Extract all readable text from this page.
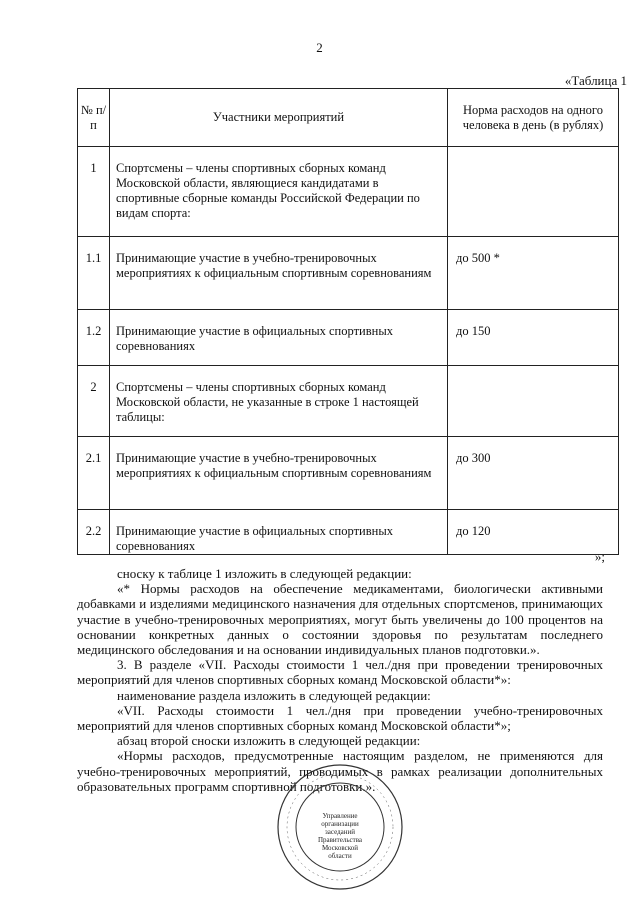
2
«Таблица 1
№ п/п	Участники мероприятий	Норма расходов на одного человека в день (в рублях)
1	Спортсмены – члены спортивных сборных команд Московской области, являющиеся кандидатами в спортивные сборные команды Российской Федерации по видам спорта:	
1.1	Принимающие участие в учебно-тренировочных мероприятиях к официальным спортивным соревнованиям	до 500 *
1.2	Принимающие участие в официальных спортивных соревнованиях	до 150
2	Спортсмены – члены спортивных сборных команд Московской области, не указанные в строке 1 настоящей таблицы:	
2.1	Принимающие участие в учебно-тренировочных мероприятиях к официальным спортивным соревнованиям	до 300
2.2	Принимающие участие в официальных спортивных соревнованиях	до 120
»;

сноску к таблице 1 изложить в следующей редакции:

«* Нормы расходов на обеспечение медикаментами, биологически активными добавками и изделиями медицинского назначения для отдельных спортсменов, принимающих участие в учебно-тренировочных мероприятиях, могут быть увеличены до 100 процентов на основании конкретных данных о состоянии здоровья по результатам последнего медицинского обследования и на основании индивидуальных планов подготовки.».

3. В разделе «VII. Расходы стоимости 1 чел./дня при проведении тренировочных мероприятий для членов спортивных сборных команд Московской области*»:

наименование раздела изложить в следующей редакции:

«VII. Расходы стоимости 1 чел./дня при проведении учебно-тренировочных мероприятий для членов спортивных сборных команд Московской области*»;

абзац второй сноски изложить в следующей редакции:

«Нормы расходов, предусмотренные настоящим разделом, не применяются для учебно-тренировочных мероприятий, проводимых в рамках реализации дополнительных образовательных программ спортивной подготовки.».

Управление
организации
заседаний
Правительства
Московской
области
